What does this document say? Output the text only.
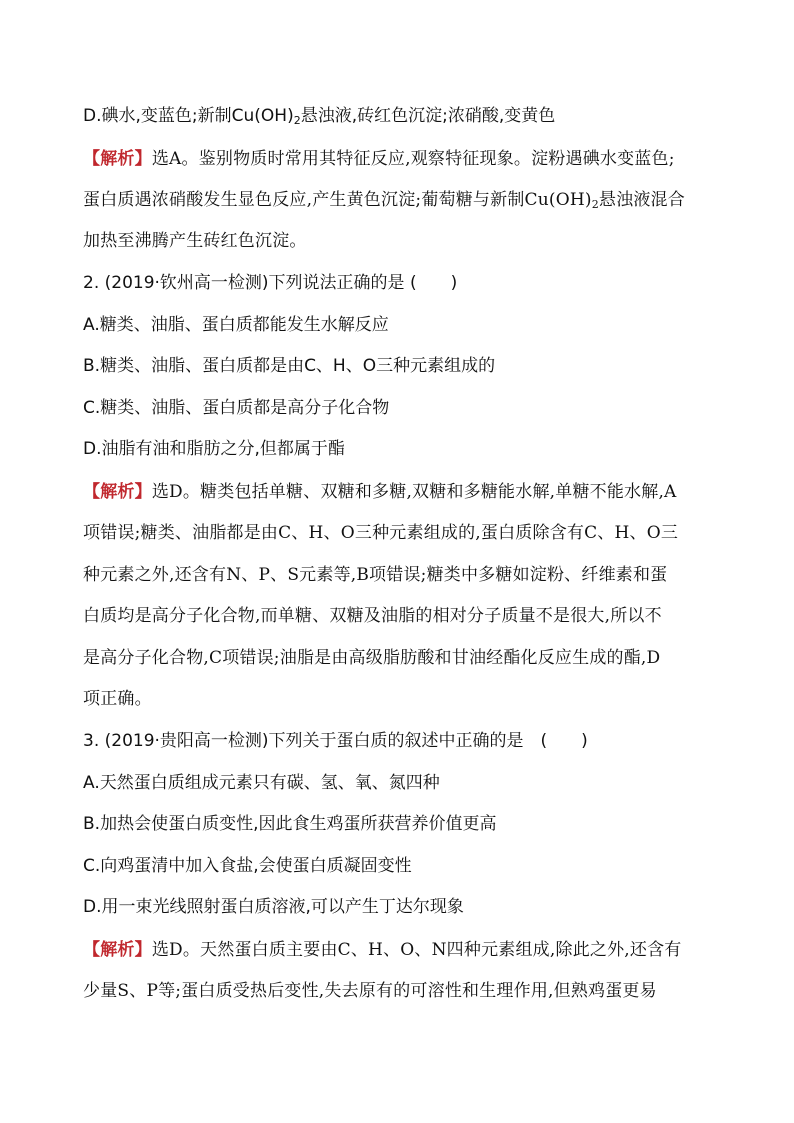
D.碘水,变蓝色;新制$Cu(OH)_2$悬浊液,砖红色沉淀;浓硝酸,变黄色
【解析】选A。鉴别物质时常用其特征反应,观察特征现象。淀粉遇碘水变蓝色;
蛋白质遇浓硝酸发生显色反应,产生黄色沉淀;葡萄糖与新制$Cu(OH)_2$悬浊液混合
加热至沸腾产生砖红色沉淀。
2. (2019·钦州高一检测)下列说法正确的是 (　　)
A.糖类、油脂、蛋白质都能发生水解反应
B.糖类、油脂、蛋白质都是由C、H、O三种元素组成的
C.糖类、油脂、蛋白质都是高分子化合物
D.油脂有油和脂肪之分,但都属于酯
【解析】选D。糖类包括单糖、双糖和多糖,双糖和多糖能水解,单糖不能水解,A
项错误;糖类、油脂都是由C、H、O三种元素组成的,蛋白质除含有C、H、O三
种元素之外,还含有N、P、S元素等,B项错误;糖类中多糖如淀粉、纤维素和蛋
白质均是高分子化合物,而单糖、双糖及油脂的相对分子质量不是很大,所以不
是高分子化合物,C项错误;油脂是由高级脂肪酸和甘油经酯化反应生成的酯,D
项正确。
3. (2019·贵阳高一检测)下列关于蛋白质的叙述中正确的是　(　　)
A.天然蛋白质组成元素只有碳、氢、氧、氮四种
B.加热会使蛋白质变性,因此食生鸡蛋所获营养价值更高
C.向鸡蛋清中加入食盐,会使蛋白质凝固变性
D.用一束光线照射蛋白质溶液,可以产生丁达尔现象
【解析】选D。天然蛋白质主要由C、H、O、N四种元素组成,除此之外,还含有
少量S、P等;蛋白质受热后变性,失去原有的可溶性和生理作用,但熟鸡蛋更易
